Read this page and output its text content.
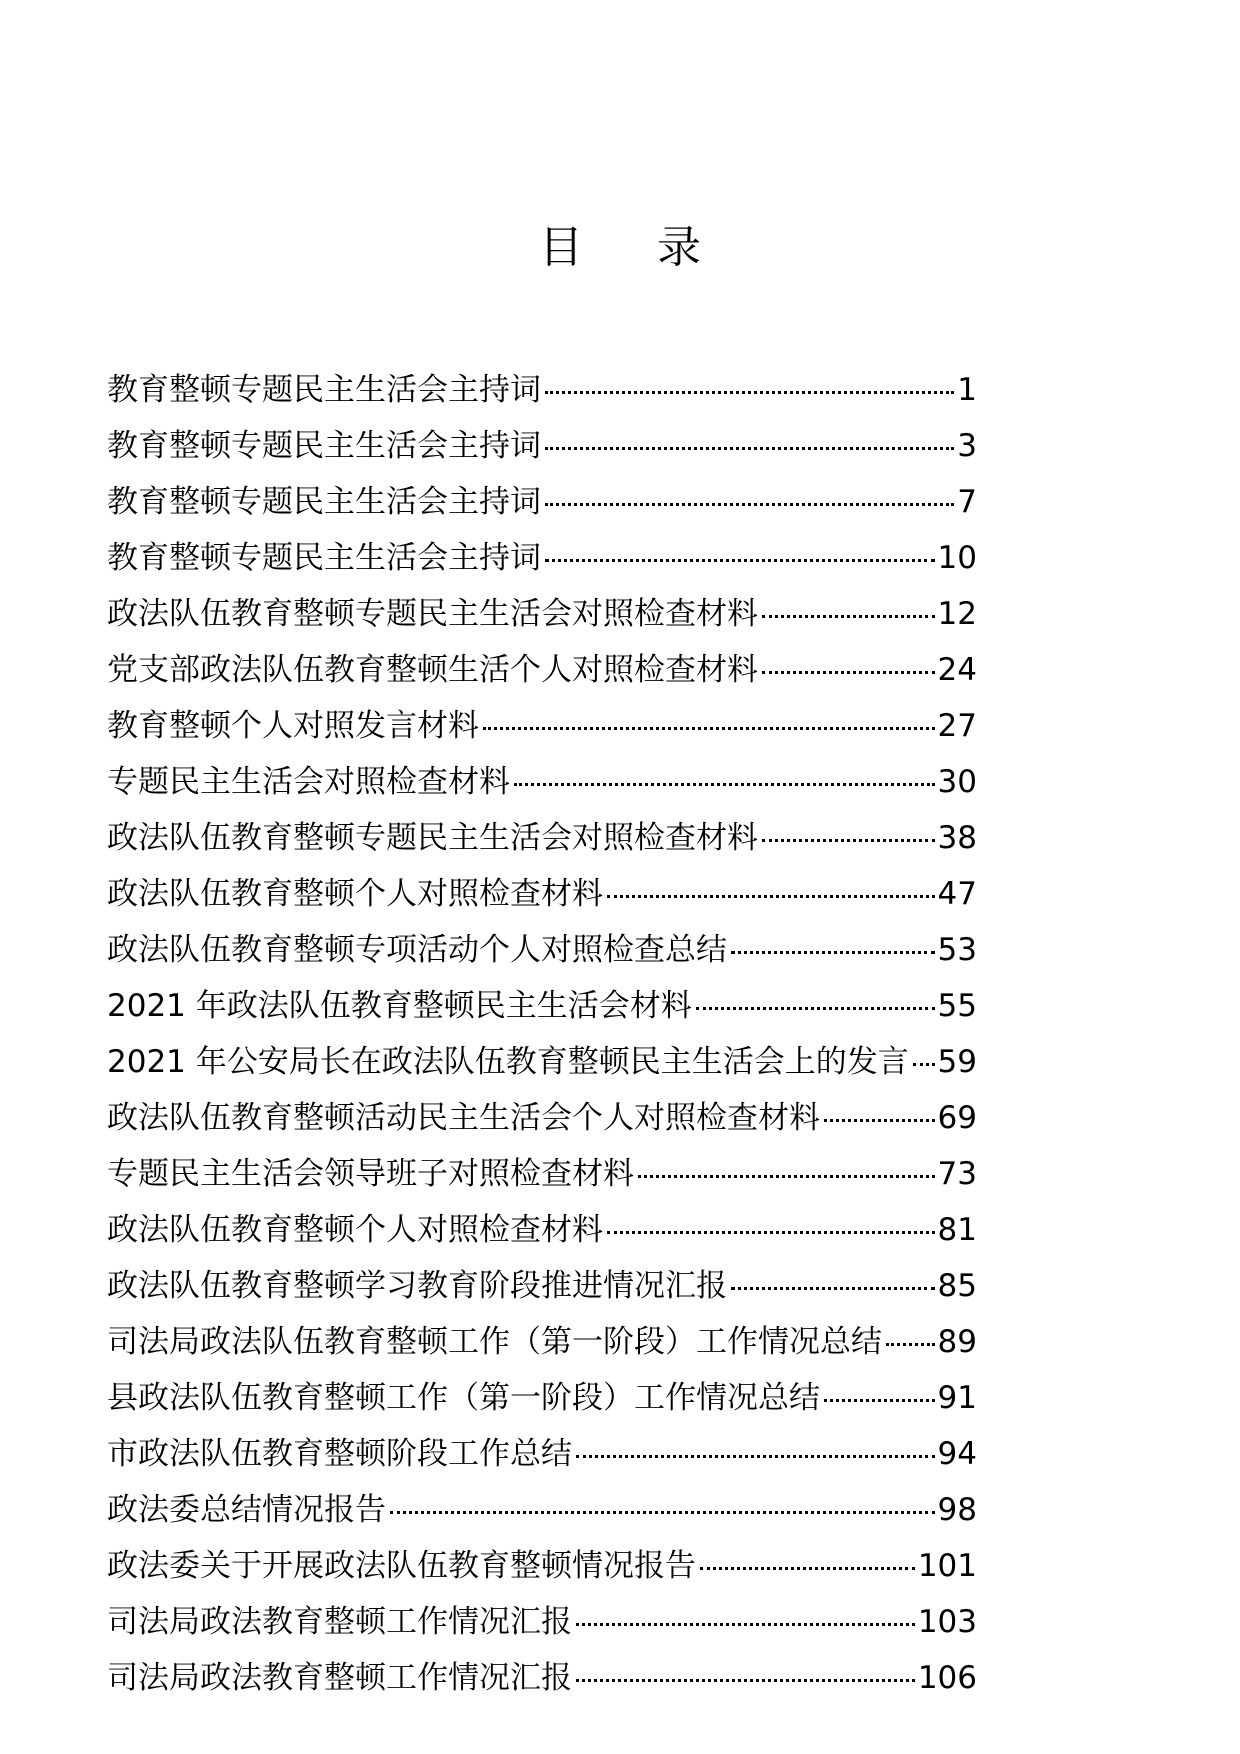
目 录
教育整顿专题民主生活会主持词	1
教育整顿专题民主生活会主持词	3
教育整顿专题民主生活会主持词	7
教育整顿专题民主生活会主持词	10
政法队伍教育整顿专题民主生活会对照检查材料	12
党支部政法队伍教育整顿生活个人对照检查材料	24
教育整顿个人对照发言材料	27
专题民主生活会对照检查材料	30
政法队伍教育整顿专题民主生活会对照检查材料	38
政法队伍教育整顿个人对照检查材料	47
政法队伍教育整顿专项活动个人对照检查总结	53
2021 年政法队伍教育整顿民主生活会材料	55
2021 年公安局长在政法队伍教育整顿民主生活会上的发言 59
政法队伍教育整顿活动民主生活会个人对照检查材料	69
专题民主生活会领导班子对照检查材料	73
政法队伍教育整顿个人对照检查材料	81
政法队伍教育整顿学习教育阶段推进情况汇报	85
司法局政法队伍教育整顿工作（第一阶段）工作情况总结 89
县政法队伍教育整顿工作（第一阶段）工作情况总结	91
市政法队伍教育整顿阶段工作总结	94
政法委总结情况报告	98
政法委关于开展政法队伍教育整顿情况报告	101
司法局政法教育整顿工作情况汇报	103
司法局政法教育整顿工作情况汇报	106
